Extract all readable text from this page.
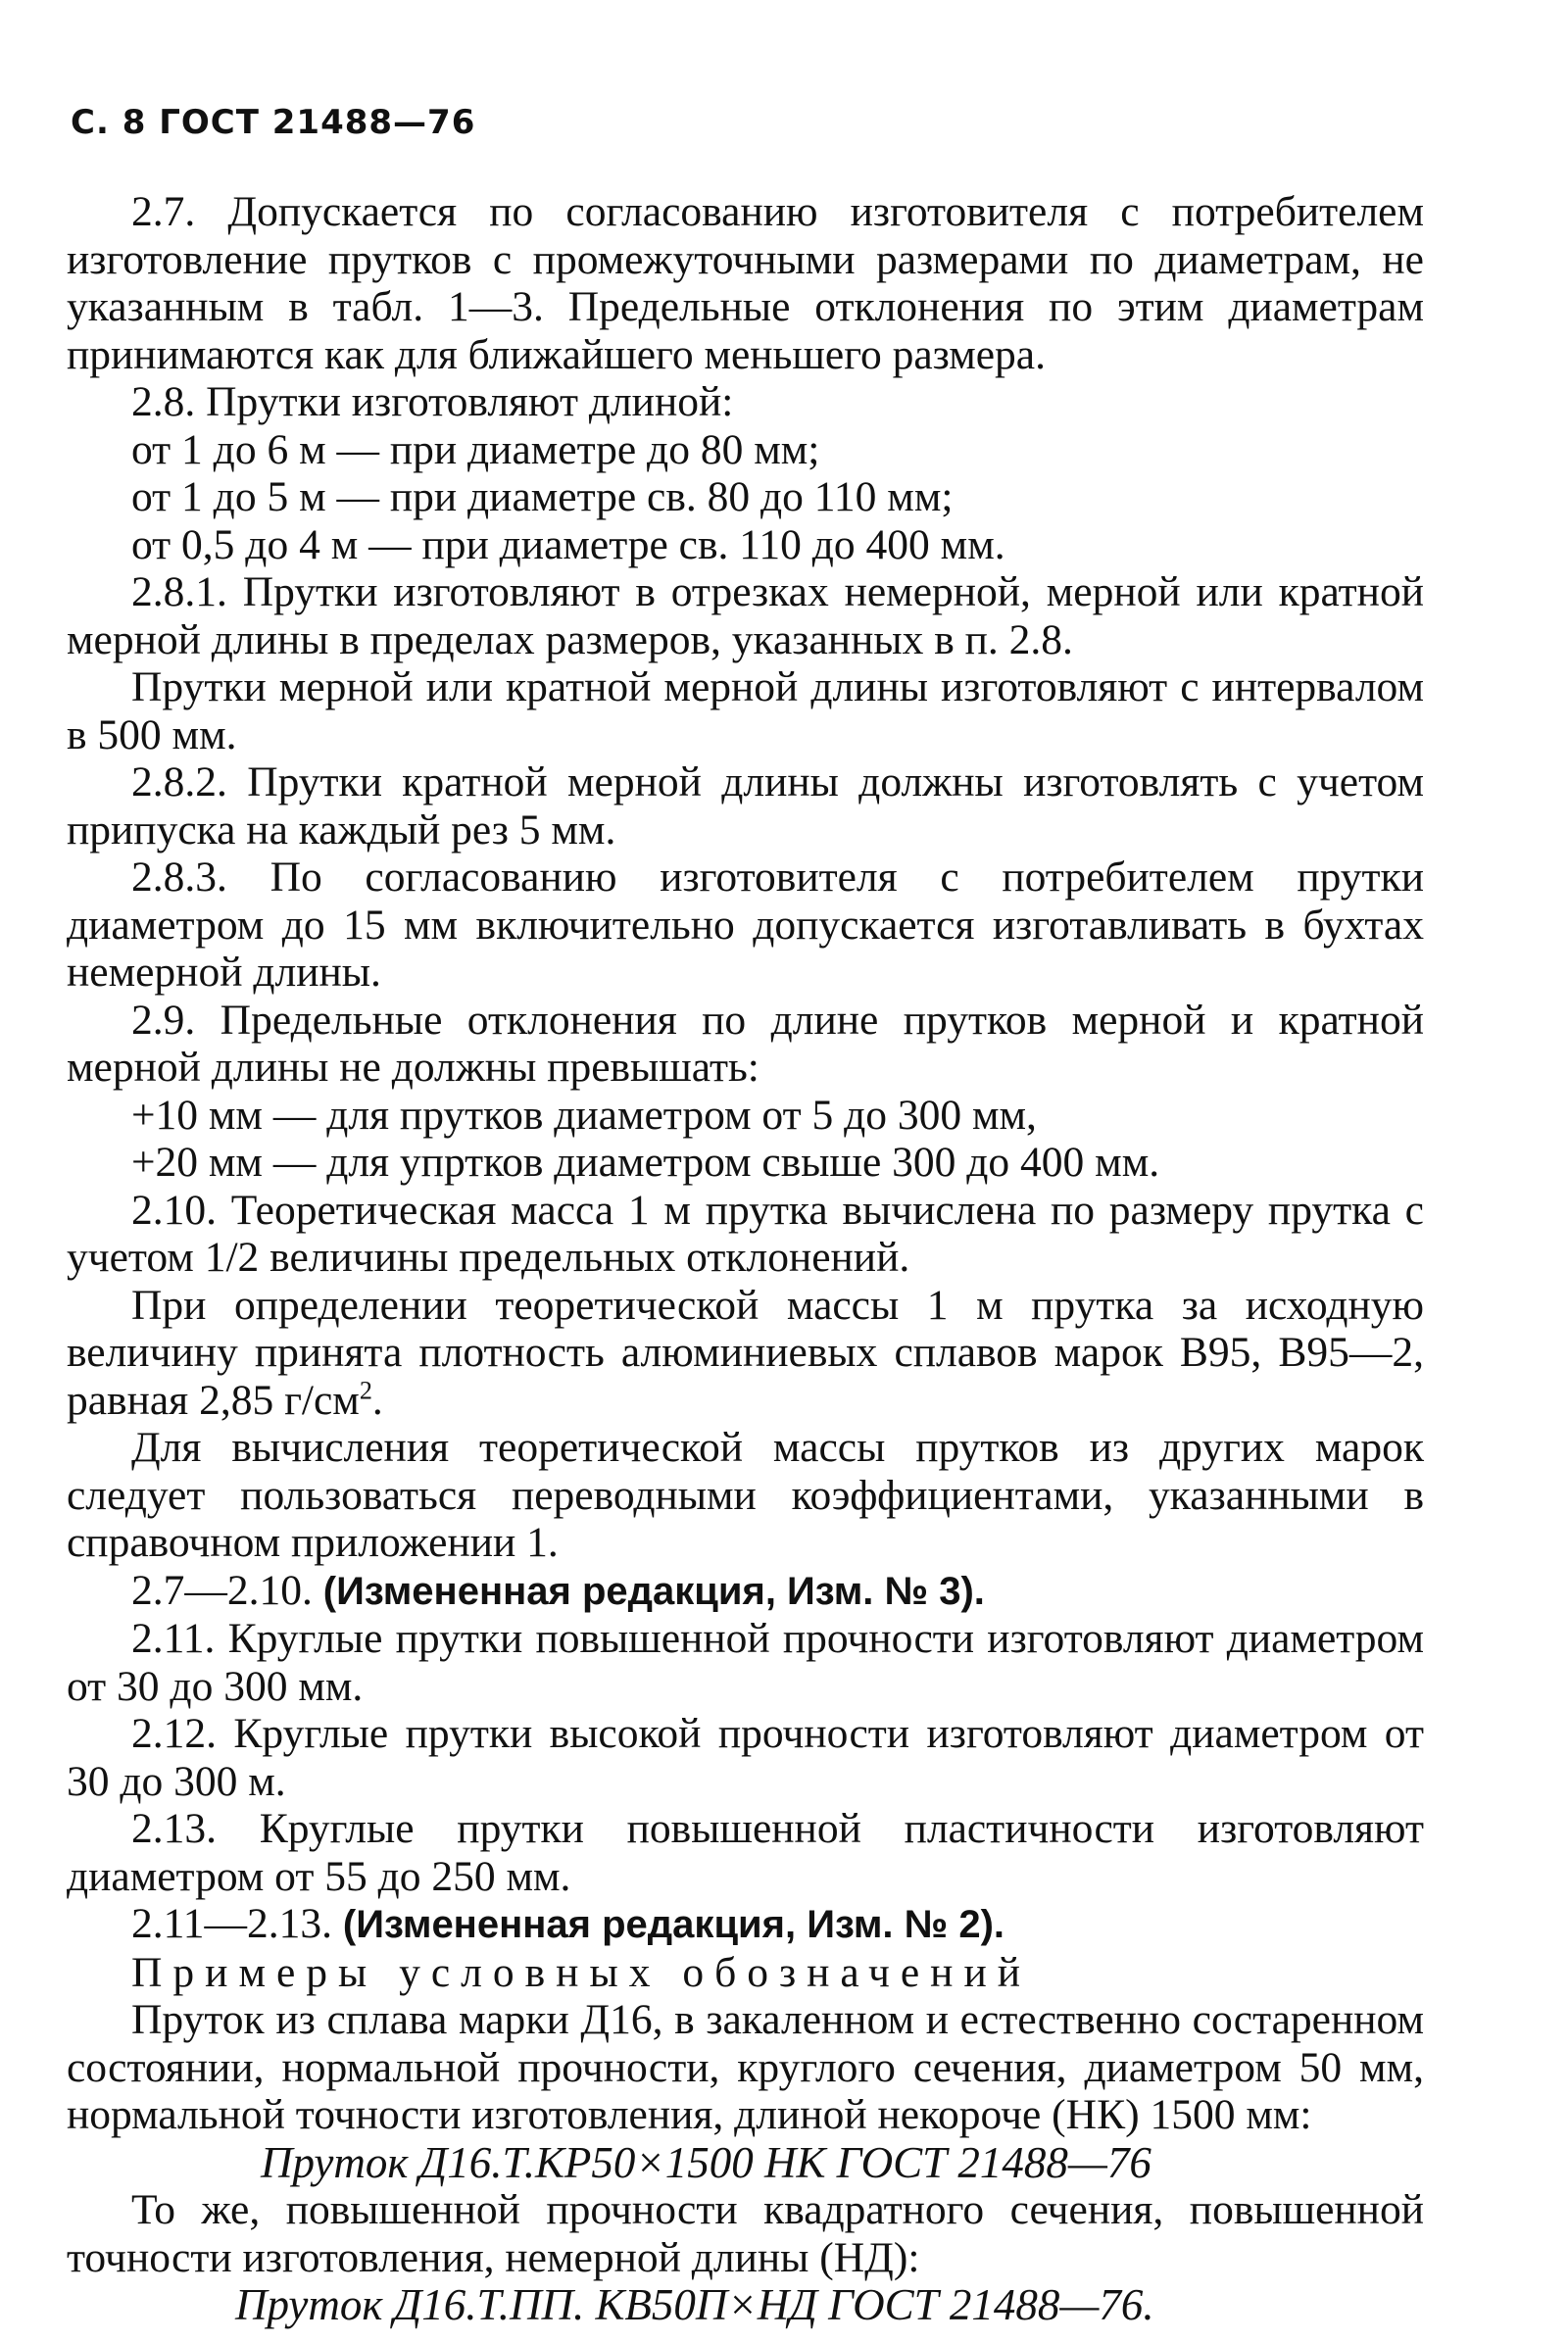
С. 8 ГОСТ 21488—76

2.7. Допускается по согласованию изготовителя с потребителем изготовление прутков с промежуточными размерами по диаметрам, не указанным в табл. 1—3. Предельные отклонения по этим диаметрам принимаются как для ближайшего меньшего размера.

2.8. Прутки изготовляют длиной:

от 1 до 6 м — при диаметре до 80 мм;

от 1 до 5 м — при диаметре св. 80 до 110 мм;

от 0,5 до 4 м — при диаметре св. 110 до 400 мм.

2.8.1. Прутки изготовляют в отрезках немерной, мерной или кратной мерной длины в пределах размеров, указанных в п. 2.8.

Прутки мерной или кратной мерной длины изготовляют с интервалом в 500 мм.

2.8.2. Прутки кратной мерной длины должны изготовлять с учетом припуска на каждый рез 5 мм.

2.8.3. По согласованию изготовителя с потребителем прутки диаметром до 15 мм включительно допускается изготавливать в бухтах немерной длины.

2.9. Предельные отклонения по длине прутков мерной и кратной мерной длины не должны превышать:

+10 мм — для прутков диаметром от 5 до 300 мм,

+20 мм — для упртков диаметром свыше 300 до 400 мм.

2.10. Теоретическая масса 1 м прутка вычислена по размеру прутка с учетом 1/2 величины предельных отклонений.

При определении теоретической массы 1 м прутка за исходную величину принята плотность алюминиевых сплавов марок В95, В95—2, равная 2,85 $г/см^2$.

Для вычисления теоретической массы прутков из других марок следует пользоваться переводными коэффициентами, указанными в справочном приложении 1.

2.7—2.10. (Измененная редакция, Изм. № 3).

2.11. Круглые прутки повышенной прочности изготовляют диаметром от 30 до 300 мм.

2.12. Круглые прутки высокой прочности изготовляют диаметром от 30 до 300 м.

2.13. Круглые прутки повышенной пластичности изготовляют диаметром от 55 до 250 мм.

2.11—2.13. (Измененная редакция, Изм. № 2).

Примеры условных обозначений

Пруток из сплава марки Д16, в закаленном и естественно состаренном состоянии, нормальной прочности, круглого сечения, диаметром 50 мм, нормальной точности изготовления, длиной некороче (НК) 1500 мм:

Пруток Д16.Т.КР50×1500 НК ГОСТ 21488—76

То же, повышенной прочности квадратного сечения, повышенной точности изготовления, немерной длины (НД):

Пруток Д16.Т.ПП. КВ50П×НД ГОСТ 21488—76.
